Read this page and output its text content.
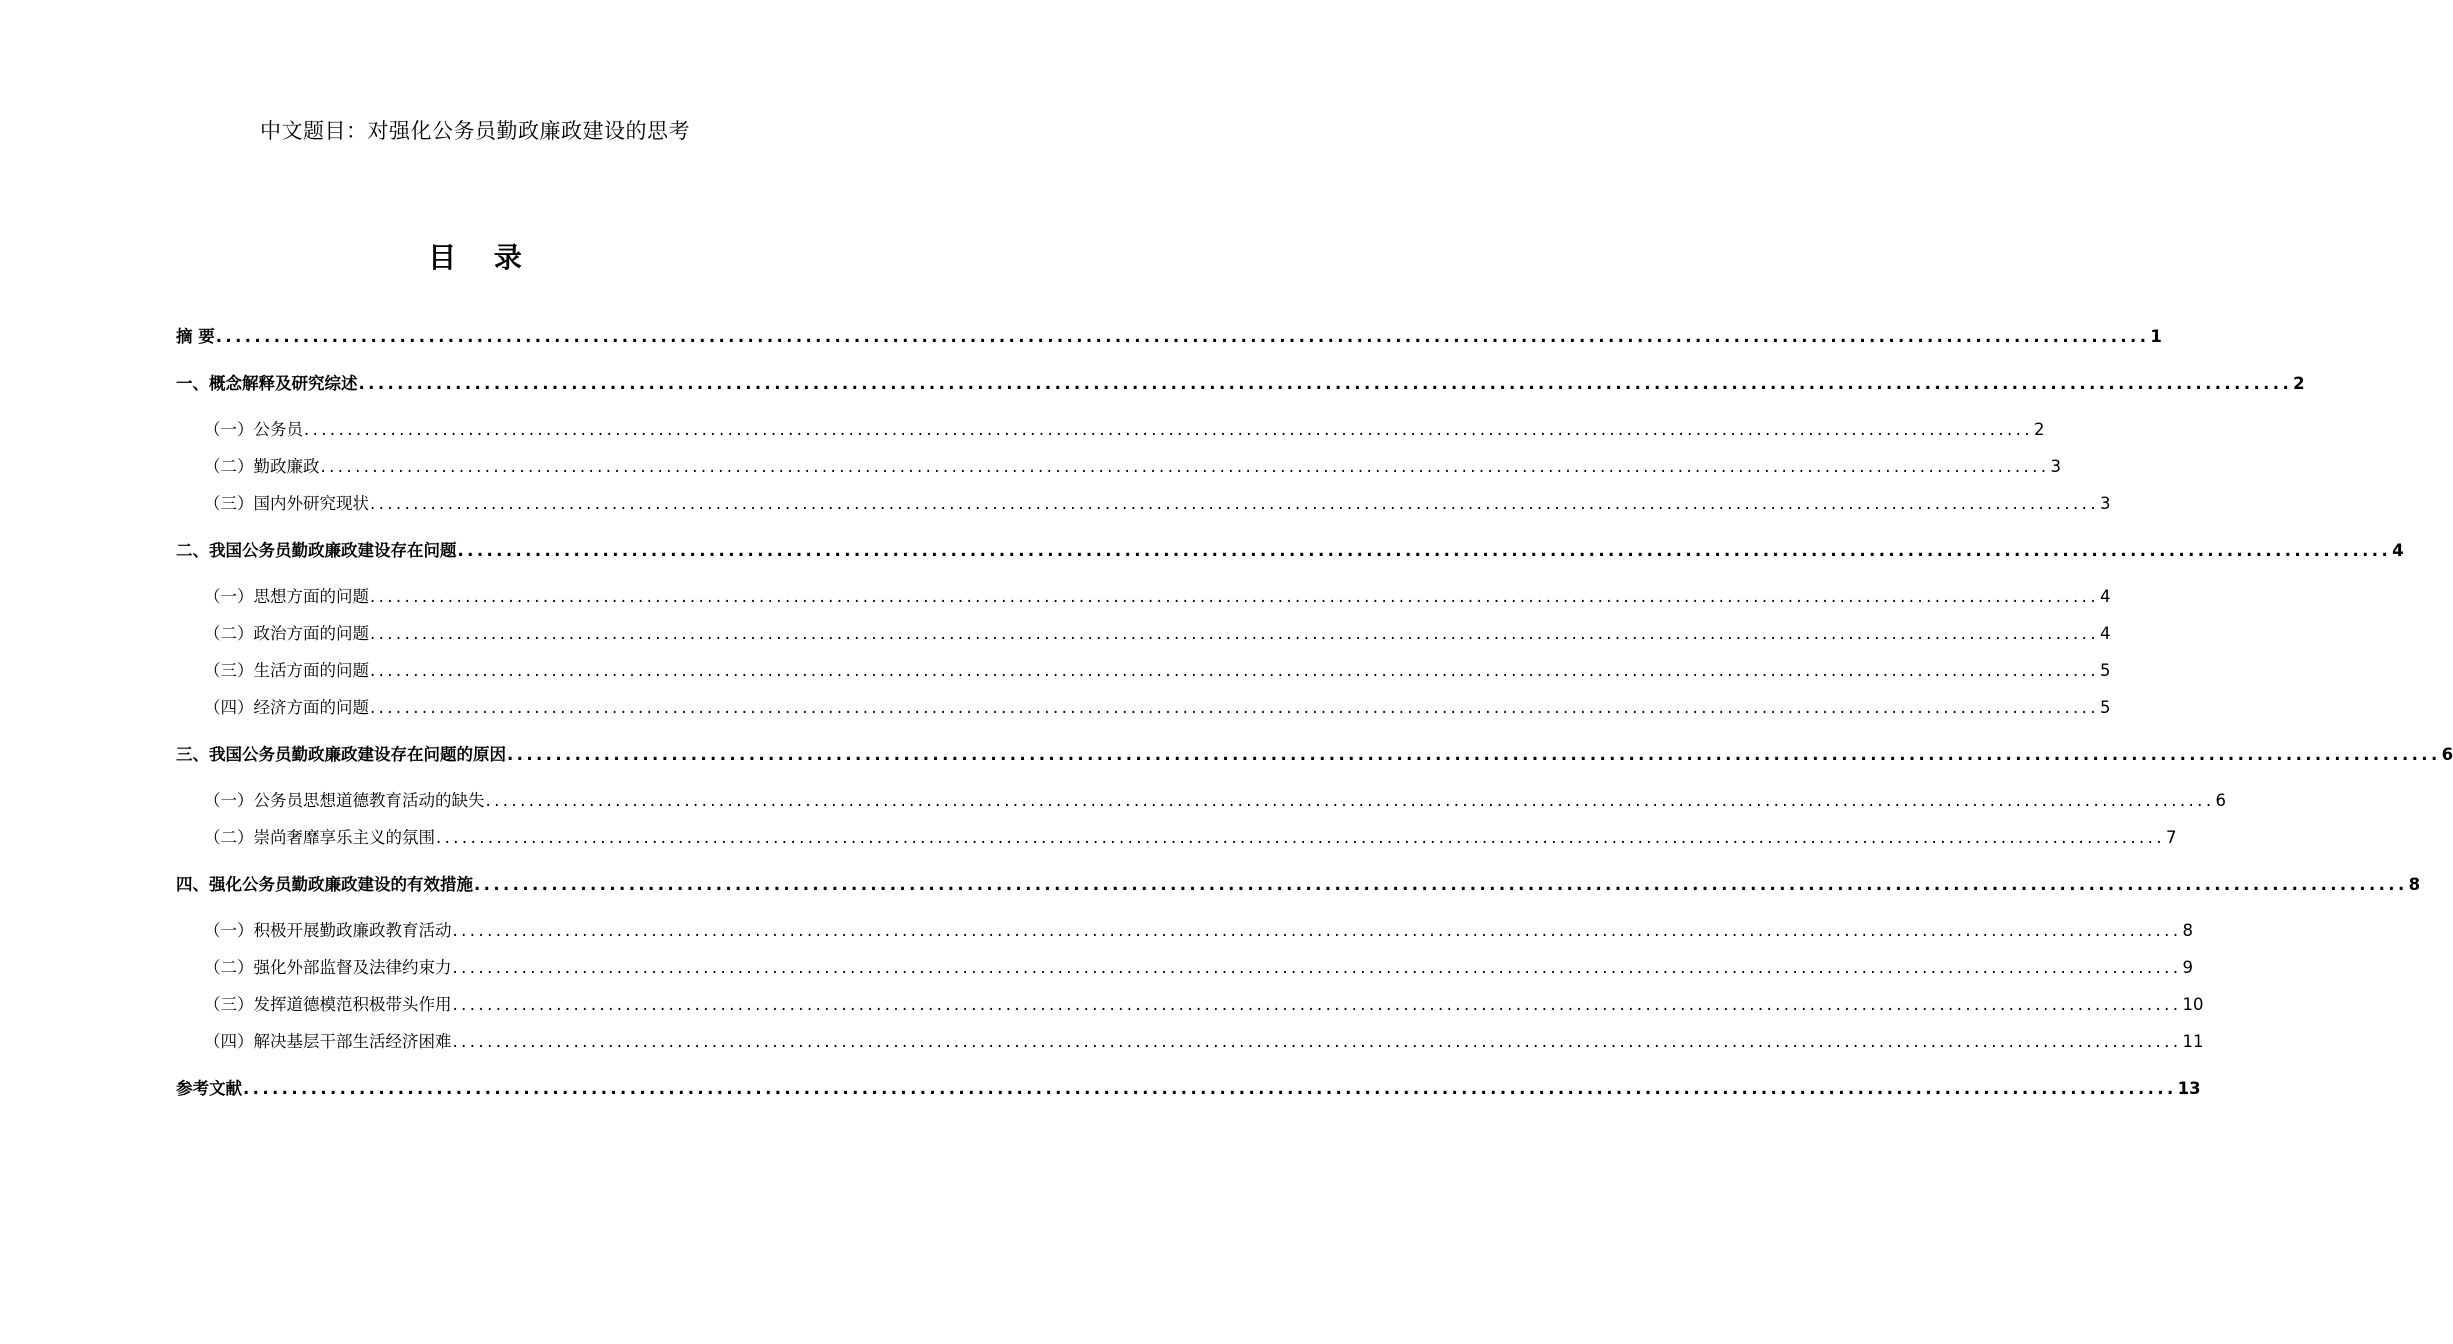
中文题目：对强化公务员勤政廉政建设的思考
目 录
摘 要 ........................................................................................................................................................................................................ 1
一、概念解释及研究综述 ........................................................................................................................................................................................................ 2
（一）公务员 ........................................................................................................................................................................................................ 2
（二）勤政廉政 ........................................................................................................................................................................................................ 3
（三）国内外研究现状 ........................................................................................................................................................................................................ 3
二、我国公务员勤政廉政建设存在问题 ........................................................................................................................................................................................................ 4
（一）思想方面的问题 ........................................................................................................................................................................................................ 4
（二）政治方面的问题 ........................................................................................................................................................................................................ 4
（三）生活方面的问题 ........................................................................................................................................................................................................ 5
（四）经济方面的问题 ........................................................................................................................................................................................................ 5
三、我国公务员勤政廉政建设存在问题的原因 ........................................................................................................................................................................................................ 6
（一）公务员思想道德教育活动的缺失 ........................................................................................................................................................................................................ 6
（二）崇尚奢靡享乐主义的氛围 ........................................................................................................................................................................................................ 7
四、强化公务员勤政廉政建设的有效措施 ........................................................................................................................................................................................................ 8
（一）积极开展勤政廉政教育活动 ........................................................................................................................................................................................................ 8
（二）强化外部监督及法律约束力 ........................................................................................................................................................................................................ 9
（三）发挥道德模范积极带头作用 ........................................................................................................................................................................................................ 10
（四）解决基层干部生活经济困难 ........................................................................................................................................................................................................ 11
参考文献 ........................................................................................................................................................................................................ 13
